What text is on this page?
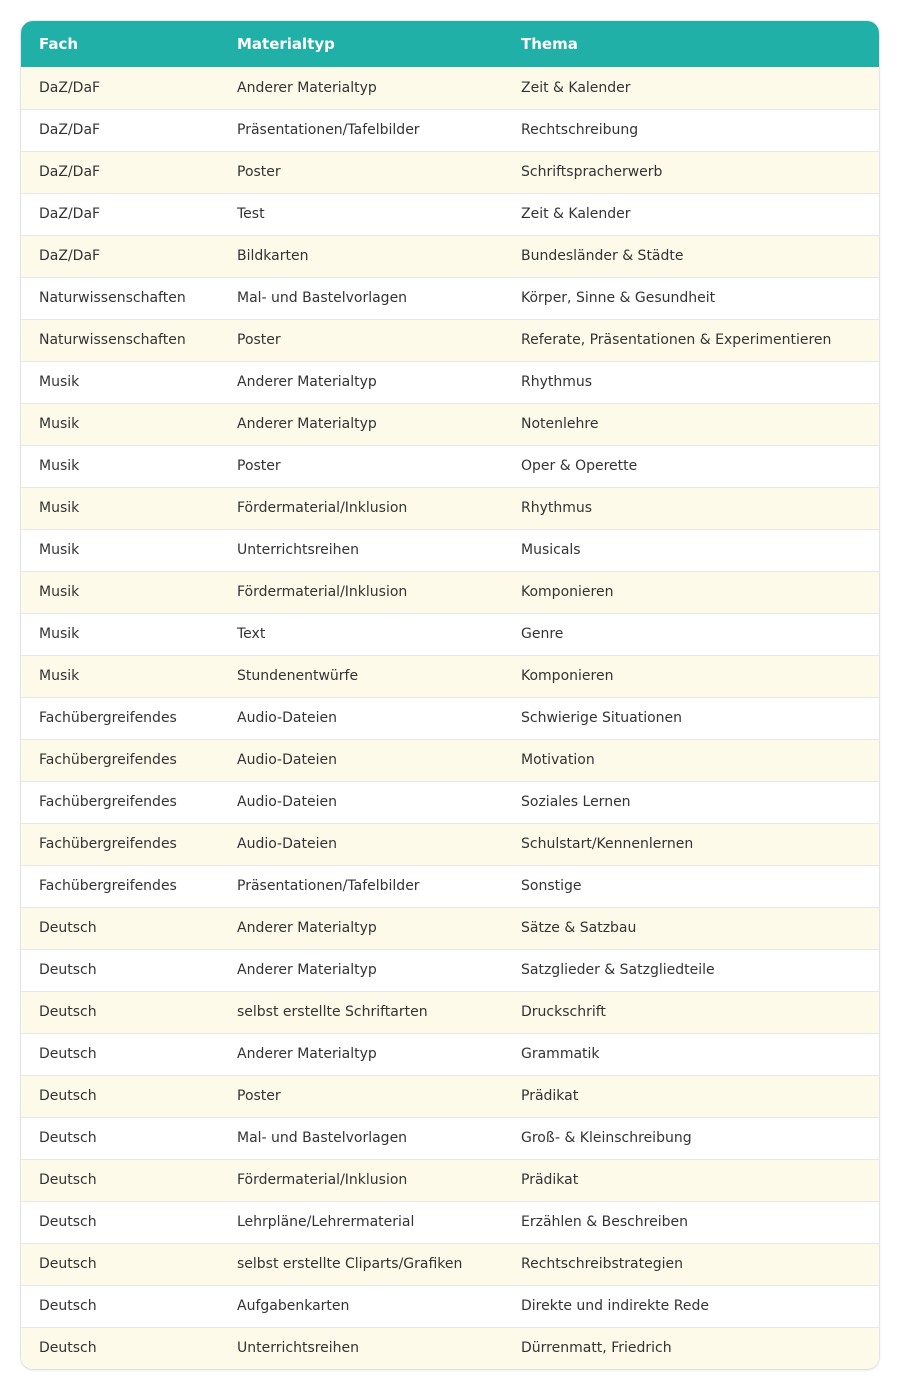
Fach	Materialtyp	Thema
DaZ/DaF	Anderer Materialtyp	Zeit & Kalender
DaZ/DaF	Präsentationen/Tafelbilder	Rechtschreibung
DaZ/DaF	Poster	Schriftspracherwerb
DaZ/DaF	Test	Zeit & Kalender
DaZ/DaF	Bildkarten	Bundesländer & Städte
Naturwissenschaften	Mal- und Bastelvorlagen	Körper, Sinne & Gesundheit
Naturwissenschaften	Poster	Referate, Präsentationen & Experimentieren
Musik	Anderer Materialtyp	Rhythmus
Musik	Anderer Materialtyp	Notenlehre
Musik	Poster	Oper & Operette
Musik	Fördermaterial/Inklusion	Rhythmus
Musik	Unterrichtsreihen	Musicals
Musik	Fördermaterial/Inklusion	Komponieren
Musik	Text	Genre
Musik	Stundenentwürfe	Komponieren
Fachübergreifendes	Audio-Dateien	Schwierige Situationen
Fachübergreifendes	Audio-Dateien	Motivation
Fachübergreifendes	Audio-Dateien	Soziales Lernen
Fachübergreifendes	Audio-Dateien	Schulstart/Kennenlernen
Fachübergreifendes	Präsentationen/Tafelbilder	Sonstige
Deutsch	Anderer Materialtyp	Sätze & Satzbau
Deutsch	Anderer Materialtyp	Satzglieder & Satzgliedteile
Deutsch	selbst erstellte Schriftarten	Druckschrift
Deutsch	Anderer Materialtyp	Grammatik
Deutsch	Poster	Prädikat
Deutsch	Mal- und Bastelvorlagen	Groß- & Kleinschreibung
Deutsch	Fördermaterial/Inklusion	Prädikat
Deutsch	Lehrpläne/Lehrermaterial	Erzählen & Beschreiben
Deutsch	selbst erstellte Cliparts/Grafiken	Rechtschreibstrategien
Deutsch	Aufgabenkarten	Direkte und indirekte Rede
Deutsch	Unterrichtsreihen	Dürrenmatt, Friedrich
